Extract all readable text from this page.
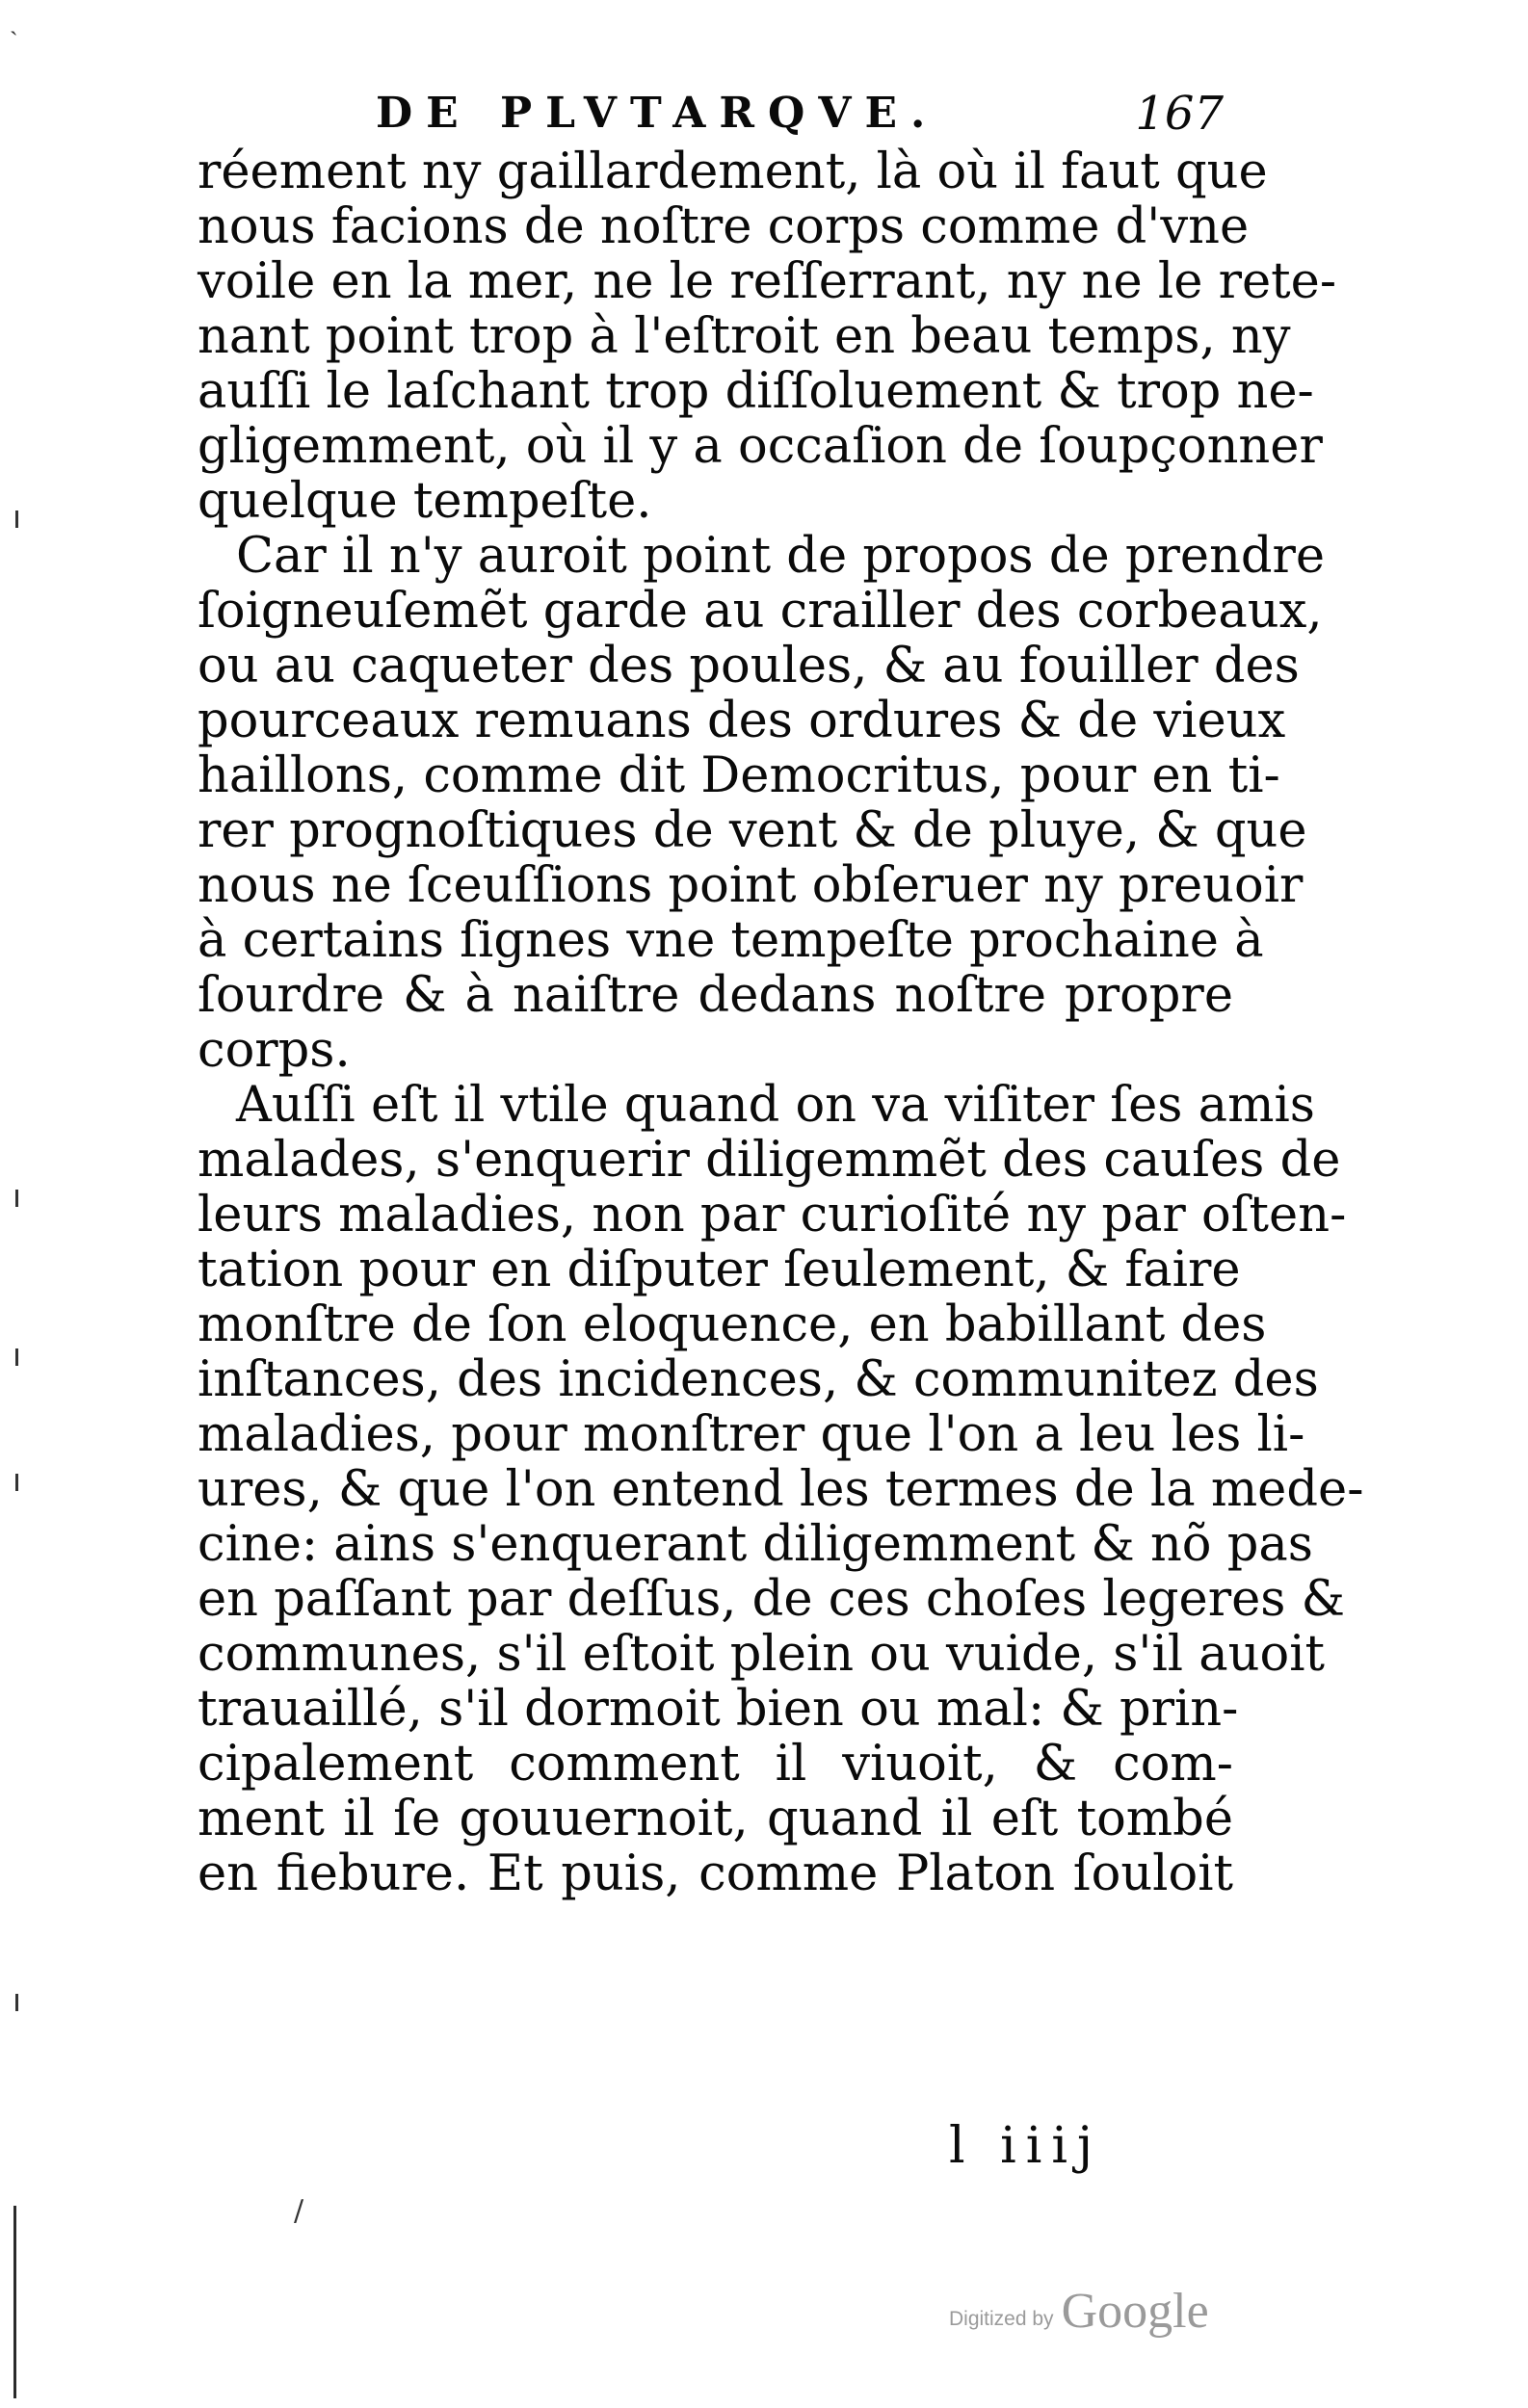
ˏ
DE PLVTARQVE.	167
réement ny gaillardement, là où il faut que
nous facions de noſtre corps comme d'vne
voile en la mer, ne le reſſerrant, ny ne le rete-
nant point trop à l'eſtroit en beau temps, ny
auſſi le laſchant trop diſſoluement & trop ne-
gligemment, où il y a occaſion de ſoupçonner
quelque tempeſte.
Car il n'y auroit point de propos de prendre
ſoigneuſemẽt garde au crailler des corbeaux,
ou au caqueter des poules, & au fouiller des
pourceaux remuans des ordures & de vieux
haillons, comme dit Democritus, pour en ti-
rer prognoſtiques de vent & de pluye, & que
nous ne ſceuſſions point obſeruer ny preuoir
à certains ſignes vne tempeſte prochaine à
ſourdre & à naiſtre dedans noſtre propre
corps.
Auſſi eſt il vtile quand on va viſiter ſes amis
malades, s'enquerir diligemmẽt des cauſes de
leurs maladies, non par curioſité ny par oſten-
tation pour en diſputer ſeulement, & faire
monſtre de ſon eloquence, en babillant des
inſtances, des incidences, & communitez des
maladies, pour monſtrer que l'on a leu les li-
ures, & que l'on entend les termes de la mede-
cine: ains s'enquerant diligemment & nõ pas
en paſſant par deſſus, de ces choſes legeres &
communes, s'il eſtoit plein ou vuide, s'il auoit
trauaillé, s'il dormoit bien ou mal: & prin-
cipalement comment il viuoit, & com-
ment il ſe gouuernoit, quand il eſt tombé
en fiebure. Et puis, comme Platon ſouloit
l iiij
/
Digitized by Google
